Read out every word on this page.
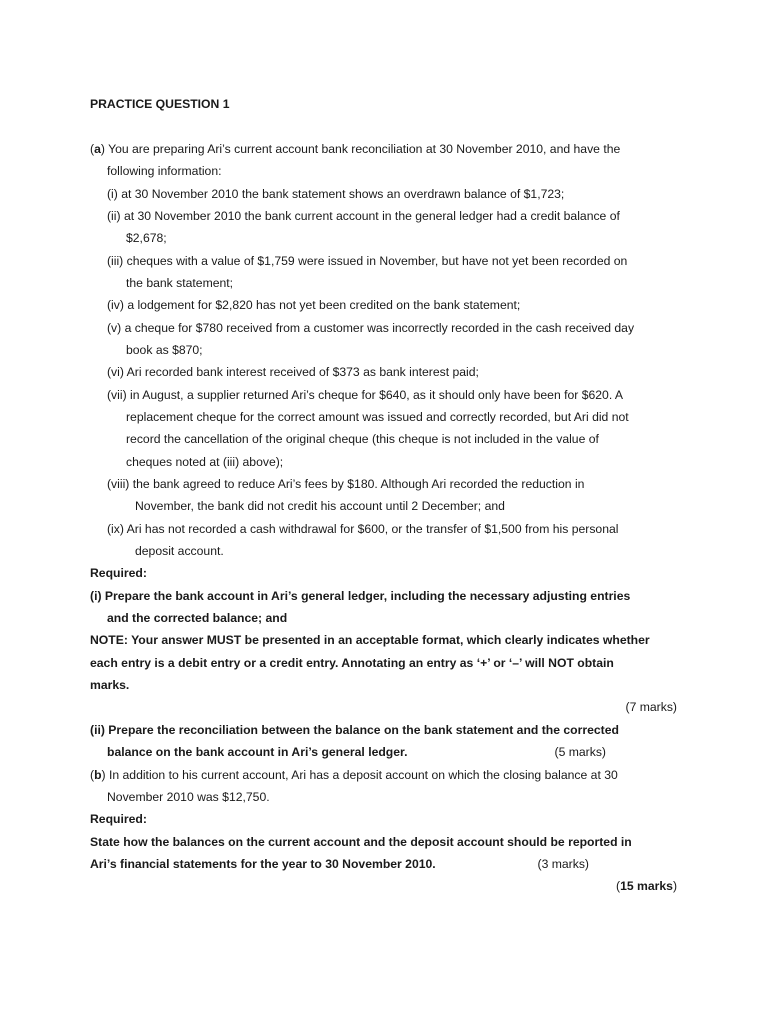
PRACTICE QUESTION 1
(a) You are preparing Ari’s current account bank reconciliation at 30 November 2010, and have the
following information:
(i) at 30 November 2010 the bank statement shows an overdrawn balance of $1,723;
(ii) at 30 November 2010 the bank current account in the general ledger had a credit balance of
$2,678;
(iii) cheques with a value of $1,759 were issued in November, but have not yet been recorded on
the bank statement;
(iv) a lodgement for $2,820 has not yet been credited on the bank statement;
(v) a cheque for $780 received from a customer was incorrectly recorded in the cash received day
book as $870;
(vi) Ari recorded bank interest received of $373 as bank interest paid;
(vii) in August, a supplier returned Ari’s cheque for $640, as it should only have been for $620. A
replacement cheque for the correct amount was issued and correctly recorded, but Ari did not
record the cancellation of the original cheque (this cheque is not included in the value of
cheques noted at (iii) above);
(viii) the bank agreed to reduce Ari’s fees by $180. Although Ari recorded the reduction in
November, the bank did not credit his account until 2 December; and
(ix) Ari has not recorded a cash withdrawal for $600, or the transfer of $1,500 from his personal
deposit account.
Required:
(i) Prepare the bank account in Ari’s general ledger, including the necessary adjusting entries
and the corrected balance; and
NOTE: Your answer MUST be presented in an acceptable format, which clearly indicates whether
each entry is a debit entry or a credit entry. Annotating an entry as ‘+’ or ‘–’ will NOT obtain
marks.
(7 marks)
(ii) Prepare the reconciliation between the balance on the bank statement and the corrected
balance on the bank account in Ari’s general ledger.	(5 marks)
(b) In addition to his current account, Ari has a deposit account on which the closing balance at 30
November 2010 was $12,750.
Required:
State how the balances on the current account and the deposit account should be reported in
Ari’s financial statements for the year to 30 November 2010.	(3 marks)
(15 marks)
